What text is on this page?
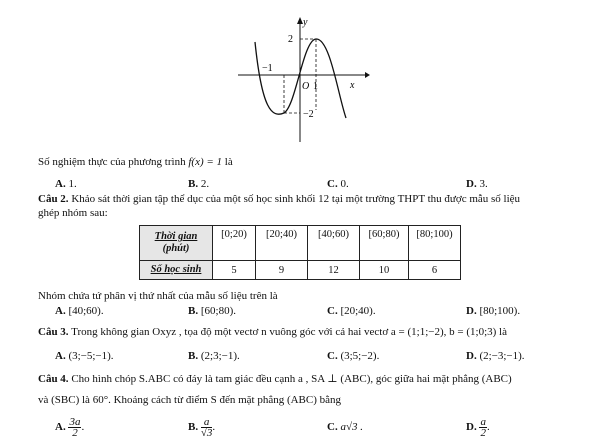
y
x
O
2
−2
−1
1
Số nghiệm thực của phương trình f(x) = 1 là
A. 1.	B. 2.	C. 0.	D. 3.
Câu 2. Khảo sát thời gian tập thể dục của một số học sinh khối 12 tại một trường THPT thu được mẫu số liệu
ghép nhóm sau:
Thời gian
(phút)	[0;20)	[20;40)	[40;60)	[60;80)	[80;100)
Số học sinh	5	9	12	10	6
Nhóm chứa tứ phân vị thứ nhất của mẫu số liệu trên là
A. [40;60).	B. [60;80).	C. [20;40).	D. [80;100).
Câu 3. Trong không gian Oxyz , tọa độ một vectơ n vuông góc với cả hai vectơ a = (1;1;−2), b = (1;0;3) là
A. (3;−5;−1).	B. (2;3;−1).	C. (3;5;−2).	D. (2;−3;−1).
Câu 4. Cho hình chóp S.ABC có đáy là tam giác đều cạnh a , SA ⊥ (ABC), góc giữa hai mặt phẳng (ABC)
và (SBC) là 60°. Khoảng cách từ điểm S đến mặt phẳng (ABC) bằng
A. $\frac{3a}{2}$ .	B. $\frac{a}{√3}$ .	C. a√3 .	D. $\frac{a}{2}$ .
